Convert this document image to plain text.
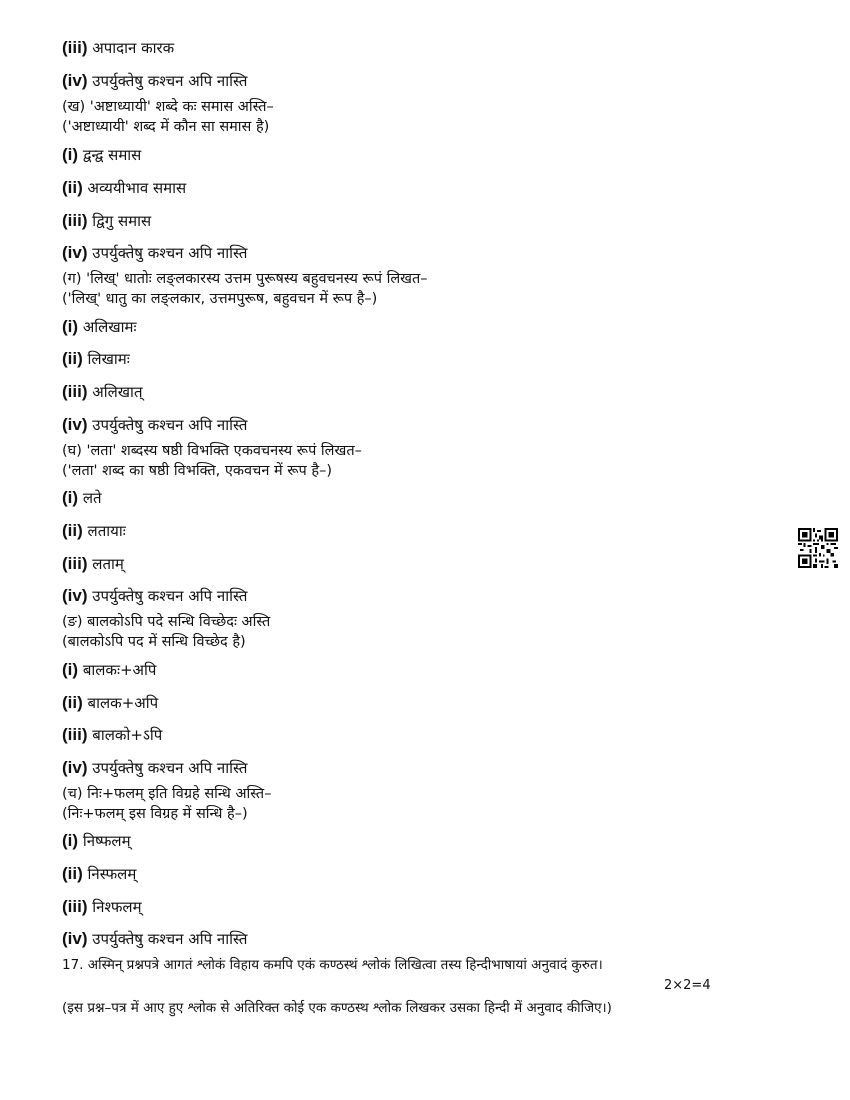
(iii) अपादान कारक
(iv) उपर्युक्तेषु कश्चन अपि नास्ति
(ख) 'अष्टाध्यायी' शब्दे कः समास अस्ति–
('अष्टाध्यायी' शब्द में कौन सा समास है)
(i) द्वन्द्व समास
(ii) अव्ययीभाव समास
(iii) द्विगु समास
(iv) उपर्युक्तेषु कश्चन अपि नास्ति
(ग) 'लिख्' धातोः लङ्लकारस्य उत्तम पुरूषस्य बहुवचनस्य रूपं लिखत–
('लिख्' धातु का लङ्लकार, उत्तमपुरूष, बहुवचन में रूप है–)
(i) अलिखामः
(ii) लिखामः
(iii) अलिखात्
(iv) उपर्युक्तेषु कश्चन अपि नास्ति
(घ) 'लता' शब्दस्य षष्ठी विभक्ति एकवचनस्य रूपं लिखत–
('लता' शब्द का षष्ठी विभक्ति, एकवचन में रूप है–)
(i) लते
(ii) लतायाः
(iii) लताम्
(iv) उपर्युक्तेषु कश्चन अपि नास्ति
(ङ) बालकोऽपि पदे सन्धि विच्छेदः अस्ति
(बालकोऽपि पद में सन्धि विच्छेद है)
(i) बालकः+अपि
(ii) बालक+अपि
(iii) बालको+ऽपि
(iv) उपर्युक्तेषु कश्चन अपि नास्ति
(च) निः+फलम् इति विग्रहे सन्धि अस्ति–
(निः+फलम् इस विग्रह में सन्धि है–)
(i) निष्फलम्
(ii) निस्फलम्
(iii) निश्फलम्
(iv) उपर्युक्तेषु कश्चन अपि नास्ति
17. अस्मिन् प्रश्नपत्रे आगतं श्लोकं विहाय कमपि एकं कण्ठस्थं श्लोकं लिखित्वा तस्य हिन्दीभाषायां अनुवादं कुरुत।
2×2=4
(इस प्रश्न–पत्र में आए हुए श्लोक से अतिरिक्त कोई एक कण्ठस्थ श्लोक लिखकर उसका हिन्दी में अनुवाद कीजिए।)
